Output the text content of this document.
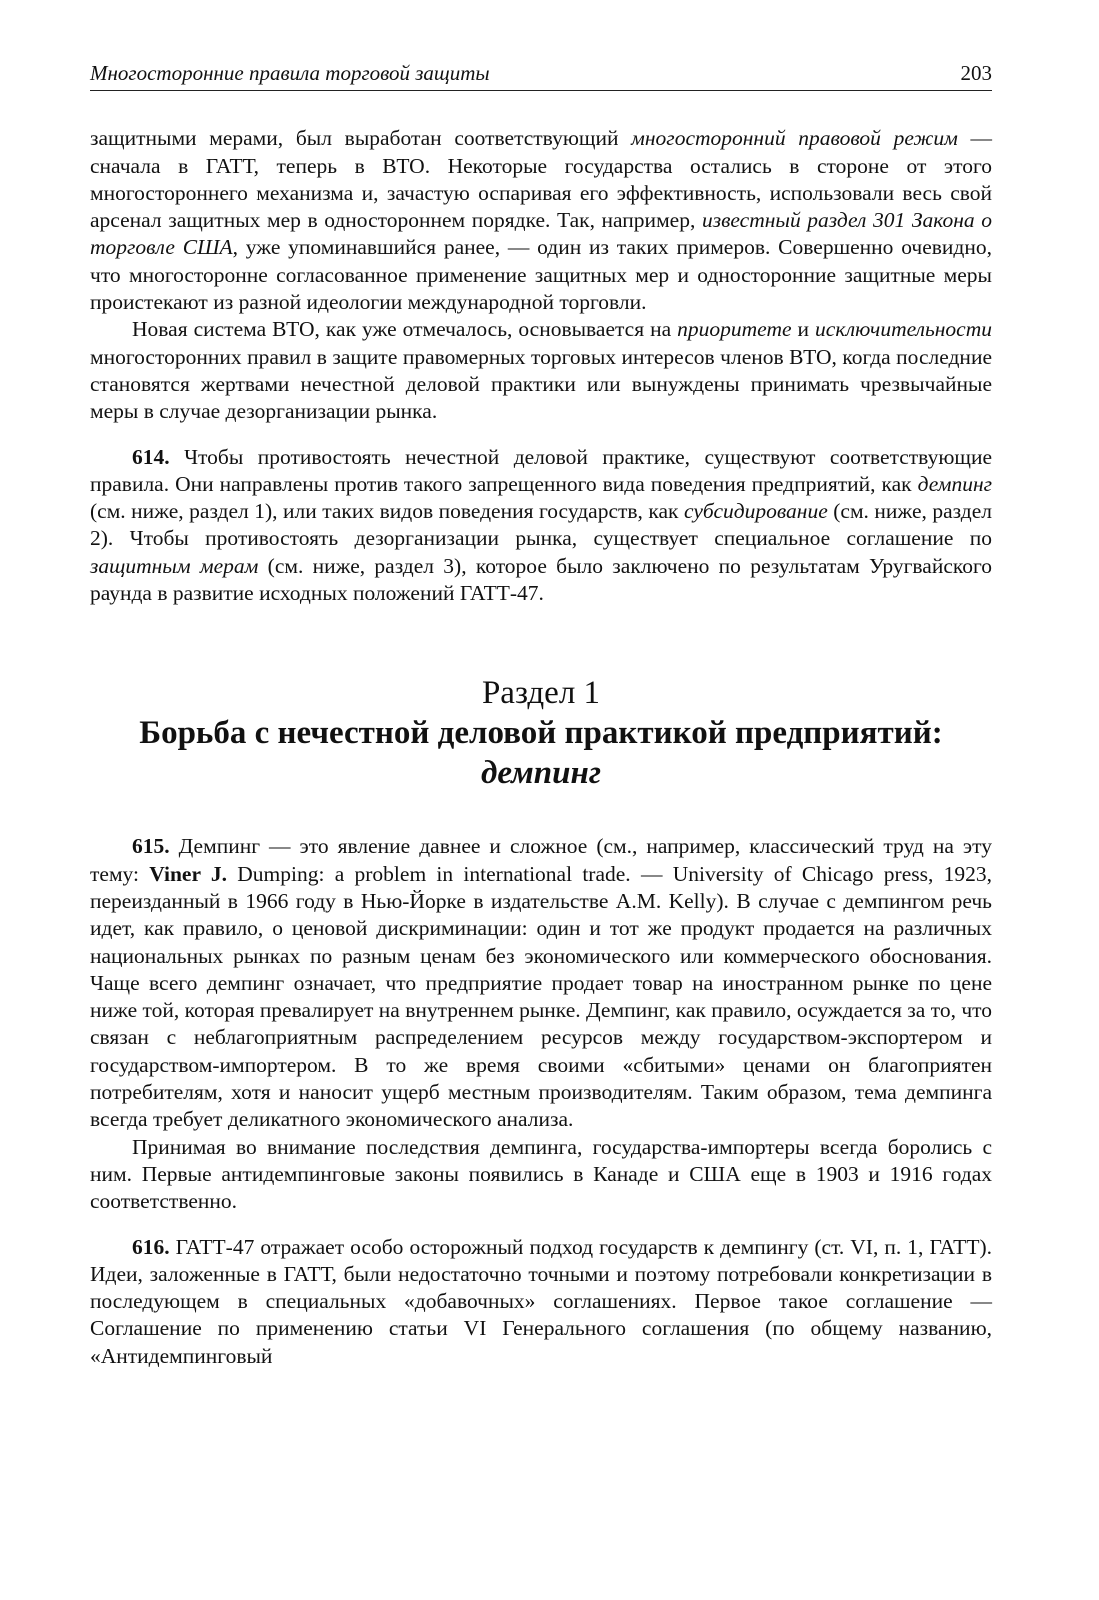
Многосторонние правила торговой защиты	203

защитными мерами, был выработан соответствующий многосторонний правовой режим — сначала в ГАТТ, теперь в ВТО. Некоторые государства остались в стороне от этого многостороннего механизма и, зачастую оспаривая его эффективность, использовали весь свой арсенал защитных мер в одностороннем порядке. Так, например, известный раздел 301 Закона о торговле США, уже упоминавшийся ранее, — один из таких примеров. Совершенно очевидно, что многосторонне согласованное применение защитных мер и односторонние защитные меры проистекают из разной идеологии международной торговли.

Новая система ВТО, как уже отмечалось, основывается на приоритете и исключительности многосторонних правил в защите правомерных торговых интересов членов ВТО, когда последние становятся жертвами нечестной деловой практики или вынуждены принимать чрезвычайные меры в случае дезорганизации рынка.

614. Чтобы противостоять нечестной деловой практике, существуют соответствующие правила. Они направлены против такого запрещенного вида поведения предприятий, как демпинг (см. ниже, раздел 1), или таких видов поведения государств, как субсидирование (см. ниже, раздел 2). Чтобы противостоять дезорганизации рынка, существует специальное соглашение по защитным мерам (см. ниже, раздел 3), которое было заключено по результатам Уругвайского раунда в развитие исходных положений ГАТТ-47.

Раздел 1
Борьба с нечестной деловой практикой предприятий:
демпинг

615. Демпинг — это явление давнее и сложное (см., например, классический труд на эту тему: Viner J. Dumping: a problem in international trade. — University of Chicago press, 1923, переизданный в 1966 году в Нью-Йорке в издательстве A.M. Kelly). В случае с демпингом речь идет, как правило, о ценовой дискриминации: один и тот же продукт продается на различных национальных рынках по разным ценам без экономического или коммерческого обоснования. Чаще всего демпинг означает, что предприятие продает товар на иностранном рынке по цене ниже той, которая превалирует на внутреннем рынке. Демпинг, как правило, осуждается за то, что связан с неблагоприятным распределением ресурсов между государством-экспортером и государством-импортером. В то же время своими «сбитыми» ценами он благоприятен потребителям, хотя и наносит ущерб местным производителям. Таким образом, тема демпинга всегда требует деликатного экономического анализа.

Принимая во внимание последствия демпинга, государства-импортеры всегда боролись с ним. Первые антидемпинговые законы появились в Канаде и США еще в 1903 и 1916 годах соответственно.

616. ГАТТ-47 отражает особо осторожный подход государств к демпингу (ст. VI, п. 1, ГАТТ). Идеи, заложенные в ГАТТ, были недостаточно точными и поэтому потребовали конкретизации в последующем в специальных «добавочных» соглашениях. Первое такое соглашение — Соглашение по применению статьи VI Генерального соглашения (по общему названию, «Антидемпинговый
